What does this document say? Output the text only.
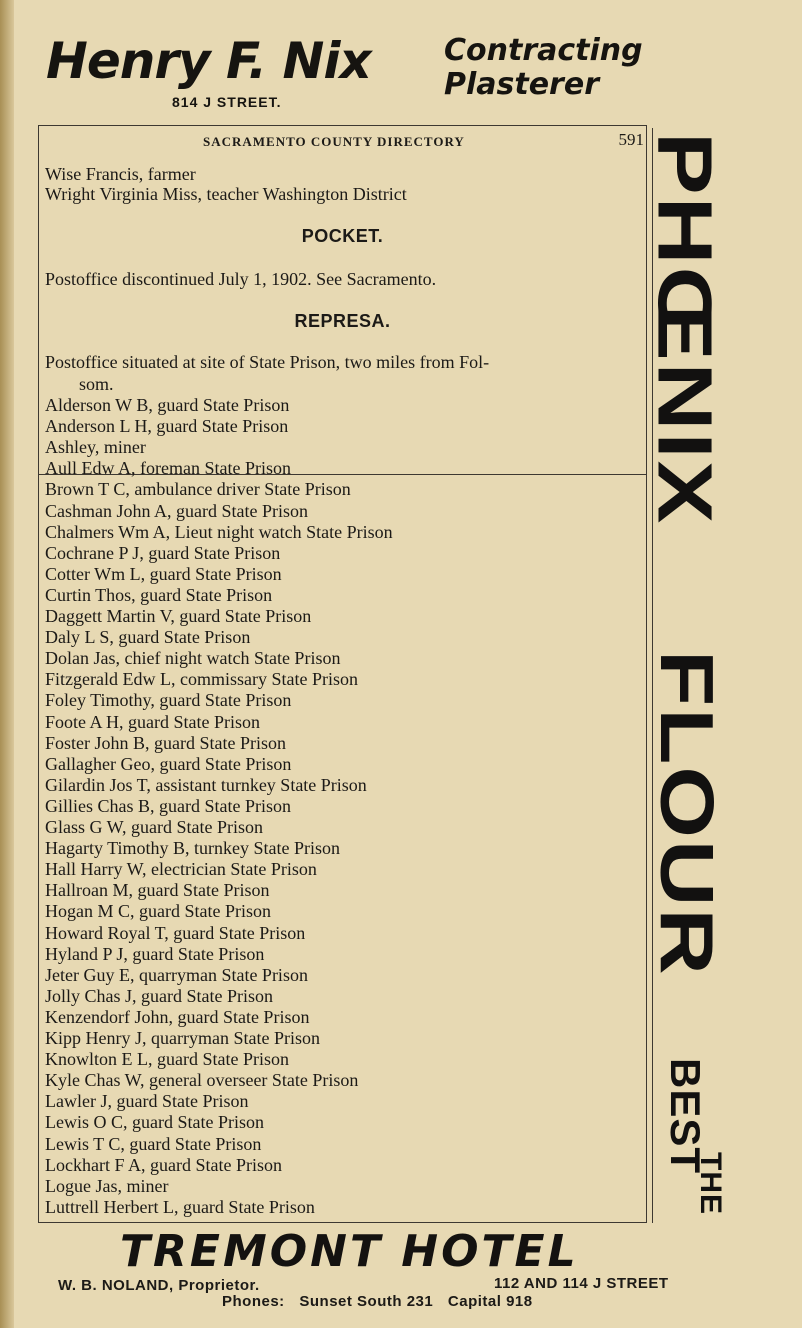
Henry F. Nix
814 J STREET.
Contracting
Plasterer
SACRAMENTO COUNTY DIRECTORY	591
Wise Francis, farmer
Wright Virginia Miss, teacher Washington District
POCKET.
Postoffice discontinued July 1, 1902. See Sacramento.
REPRESA.
Postoffice situated at site of State Prison, two miles from Fol-
som.
Alderson W B, guard State Prison
Anderson L H, guard State Prison
Ashley, miner
Aull Edw A, foreman State Prison
Brown T C, ambulance driver State Prison
Cashman John A, guard State Prison
Chalmers Wm A, Lieut night watch State Prison
Cochrane P J, guard State Prison
Cotter Wm L, guard State Prison
Curtin Thos, guard State Prison
Daggett Martin V, guard State Prison
Daly L S, guard State Prison
Dolan Jas, chief night watch State Prison
Fitzgerald Edw L, commissary State Prison
Foley Timothy, guard State Prison
Foote A H, guard State Prison
Foster John B, guard State Prison
Gallagher Geo, guard State Prison
Gilardin Jos T, assistant turnkey State Prison
Gillies Chas B, guard State Prison
Glass G W, guard State Prison
Hagarty Timothy B, turnkey State Prison
Hall Harry W, electrician State Prison
Hallroan M, guard State Prison
Hogan M C, guard State Prison
Howard Royal T, guard State Prison
Hyland P J, guard State Prison
Jeter Guy E, quarryman State Prison
Jolly Chas J, guard State Prison
Kenzendorf John, guard State Prison
Kipp Henry J, quarryman State Prison
Knowlton E L, guard State Prison
Kyle Chas W, general overseer State Prison
Lawler J, guard State Prison
Lewis O C, guard State Prison
Lewis T C, guard State Prison
Lockhart F A, guard State Prison
Logue Jas, miner
Luttrell Herbert L, guard State Prison
PHŒNIX
FLOUR
BEST
THE
TREMONT HOTEL
W. B. NOLAND, Proprietor.	112 AND 114 J STREET
Phones: Sunset South 231 Capital 918
